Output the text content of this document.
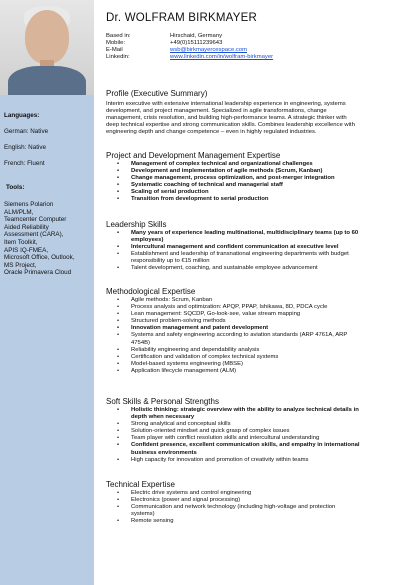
Languages:
German: Native
English: Native
French: Fluent
Tools:
Siemens Polarion
ALM/PLM,
Teamcenter Computer
Aided Reliability
Assessment (CARA),
Item Toolkit,
APIS IQ-FMEA,
Microsoft Office, Outlook,
MS Project,
Oracle Primavera Cloud
Dr. WOLFRAM BIRKMAYER
Based in:	Hirschaid, Germany
Mobile:	+49(0)15111239643
E-Mail	wsb@birkmayercespace.com
Linkedin:	www.linkedin.com/in/wolfram-birkmayer
Profile (Executive Summary)
Interim executive with extensive international leadership experience in engineering, systems
development, and project management. Specialized in agile transformations, change
management, crisis resolution, and building high-performance teams. A strategic thinker with
deep technical expertise and strong communication skills. Combines leadership excellence with
engineering depth and change competence – even in highly regulated industries.
Project and Development Management Expertise
• Management of complex technical and organizational challenges
• Development and implementation of agile methods (Scrum, Kanban)
• Change management, process optimization, and post-merger integration
• Systematic coaching of technical and managerial staff
• Scaling of serial production
• Transition from development to serial production
Leadership Skills
• Many years of experience leading multinational, multidisciplinary teams (up to 60
employees)
• Intercultural management and confident communication at executive level
• Establishment and leadership of transnational engineering departments with budget
responsibility up to €15 million
• Talent development, coaching, and sustainable employee advancement
Methodological Expertise
• Agile methods: Scrum, Kanban
• Process analysis and optimization: APQP, PPAP, Ishikawa, 8D, PDCA cycle
• Lean management: SQCDP, Go-look-see, value stream mapping
• Structured problem-solving methods
• Innovation management and patent development
• Systems and safety engineering according to aviation standards (ARP 4761A, ARP
4754B)
• Reliability engineering and dependability analysis
• Certification and validation of complex technical systems
• Model-based systems engineering (MBSE)
• Application lifecycle management (ALM)
Soft Skills & Personal Strengths
• Holistic thinking: strategic overview with the ability to analyze technical details in
depth when necessary
• Strong analytical and conceptual skills
• Solution-oriented mindset and quick grasp of complex issues
• Team player with conflict resolution skills and intercultural understanding
• Confident presence, excellent communication skills, and empathy in international
business environments
• High capacity for innovation and promotion of creativity within teams
Technical Expertise
• Electric drive systems and control engineering
• Electronics (power and signal processing)
• Communication and network technology (including high-voltage and protection
systems)
• Remote sensing
